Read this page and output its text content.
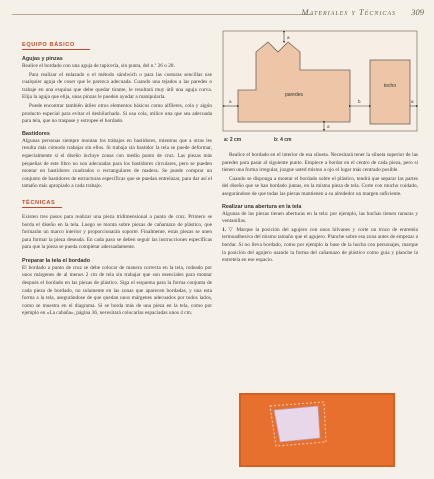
Materiales y Técnicas 309
EQUIPO BÁSICO
Agujas y pinzas

Realice el bordado con una aguja de tapicería, sin punta, del n.º 26 o 28.

Para realizar el enlazado o el método sándwich o para las costuras sencillas use cualquier aguja de coser que le parezca adecuada. Cuando una tejados a las paredes o trabaje en una esquina que debe quedar tirante, le resultará muy útil una aguja curva. Elija la aguja que elija, unas pinzas le pueden ayudar a manipularla.

Puede encontrar también útiles otros elementos básicos como alfileres, cola y algún producto especial para evitar el deshilachado. Si usa cola, utilice una que sea adecuada para tela, que no traspase y estropee el bordado.

Bastidores

Algunas personas siempre montan los trabajos en bastidores, mientras que a otras les resulta más cómodo trabajar sin ellos. Si trabaja sin bastidor la tela se puede deformar, especialmente si el diseño incluye zonas con medio punto de cruz. Las piezas más pequeñas de este libro no son adecuadas para los bastidores circulares, pero se pueden montar en bastidores cuadrados o rectangulares de madera. Se puede comprar un conjunto de bastidores de estructuras específicas que se puedan entrelazar, para dar así el tamaño más apropiado a cada trabajo.

TÉCNICAS

Existen tres pasos para realizar una pieza tridimensional a punto de cruz. Primero se borda el diseño en la tela. Luego se monta sobre piezas de cañamazo de plástico, que formarán un marco interior y proporcionarán soporte. Finalmente, estas piezas se unen para formar la pieza deseada. En cada paso se deben seguir las instrucciones específicas para que la pieza se pueda completar adecuadamente.

Preparar la tela el bordado

El bordado a punto de cruz se debe colocar de manera correcta en la tela, rodeado por unos márgenes de al menos 2 cm de tela sin trabajar que son esenciales para montar después el bordado en las piezas de plástico. Siga el esquema para la forma conjunta de cada pieza de bordado, no solamente en las zonas que aparecen bordadas, y una esta forma a la tela, asegurándose de que quedan unos márgenes adecuados por todos lados, como se muestra en el diagrama. Si se borda más de una pieza en la tela, como por ejemplo en «La cabaña», página 36, necesitará colocarlas espaciadas unos 4 cm.

paredes
techo
a
a	b	a
a
a: 2 cm	b: 4 cm

Realice el bordado en el interior de esa silueta. Necesitará tener la silueta superior de las paredes para pasar al siguiente punto. Empiece a bordar en el centro de cada pieza, pero si tienen una forma irregular, juzgue usted mismo a ojo el lugar más centrado posible.

Cuando se disponga a montar el bordado sobre el plástico, tendrá que separar las partes del diseño que se han bordado juntas, en la misma pieza de tela. Corte con mucho cuidado, asegurándose de que todas las piezas mantienen a su alrededor un margen suficiente.

Realizar una abertura en la tela

Algunas de las piezas tienen aberturas en la tela: por ejemplo, las huchas tienen ranuras y ventanillas.

1. ▽ Marque la posición del agujero con unos hilvanes y corte un trozo de entretela termoadhesiva del mismo tamaño que el agujero. Planche sobre esa zona antes de empezar a bordar. Si no lleva bordado, como por ejemplo la base de la hucha con personajes, marque la posición del agujero usando la forma del cañamazo de plástico como guía y planche la entretela en ese espacio.
